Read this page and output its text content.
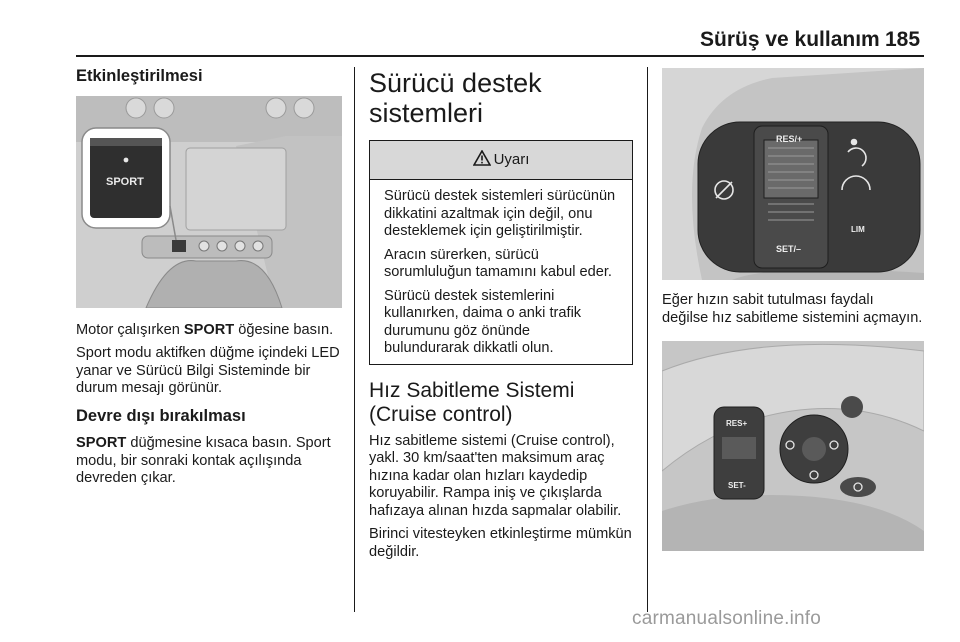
Sürüş ve kullanım 185
Etkinleştirilmesi
SPORT

Motor çalışırken SPORT öğesine basın.

Sport modu aktifken düğme içindeki LED yanar ve Sürücü Bilgi Sisteminde bir durum mesajı görünür.

Devre dışı bırakılması

SPORT düğmesine kısaca basın. Sport modu, bir sonraki kontak açılışında devreden çıkar.

Sürücü destek sistemleri
Uyarı

Sürücü destek sistemleri sürücünün dikkatini azaltmak için değil, onu desteklemek için geliştirilmiştir.

Aracın sürerken, sürücü sorumluluğun tamamını kabul eder.

Sürücü destek sistemlerini kullanırken, daima o anki trafik durumunu göz önünde bulundurarak dikkatli olun.

Hız Sabitleme Sistemi (Cruise control)

Hız sabitleme sistemi (Cruise control), yakl. 30 km/saat'ten maksimum araç hızına kadar olan hızları kaydedip koruyabilir. Rampa iniş ve çıkışlarda hafızaya alınan hızda sapmalar olabilir.

Birinci vitesteyken etkinleştirme mümkün değildir.

RES/+
SET/–
LIM

Eğer hızın sabit tutulması faydalı değilse hız sabitleme sistemini açmayın.

RES+
SET-
carmanualsonline.info
